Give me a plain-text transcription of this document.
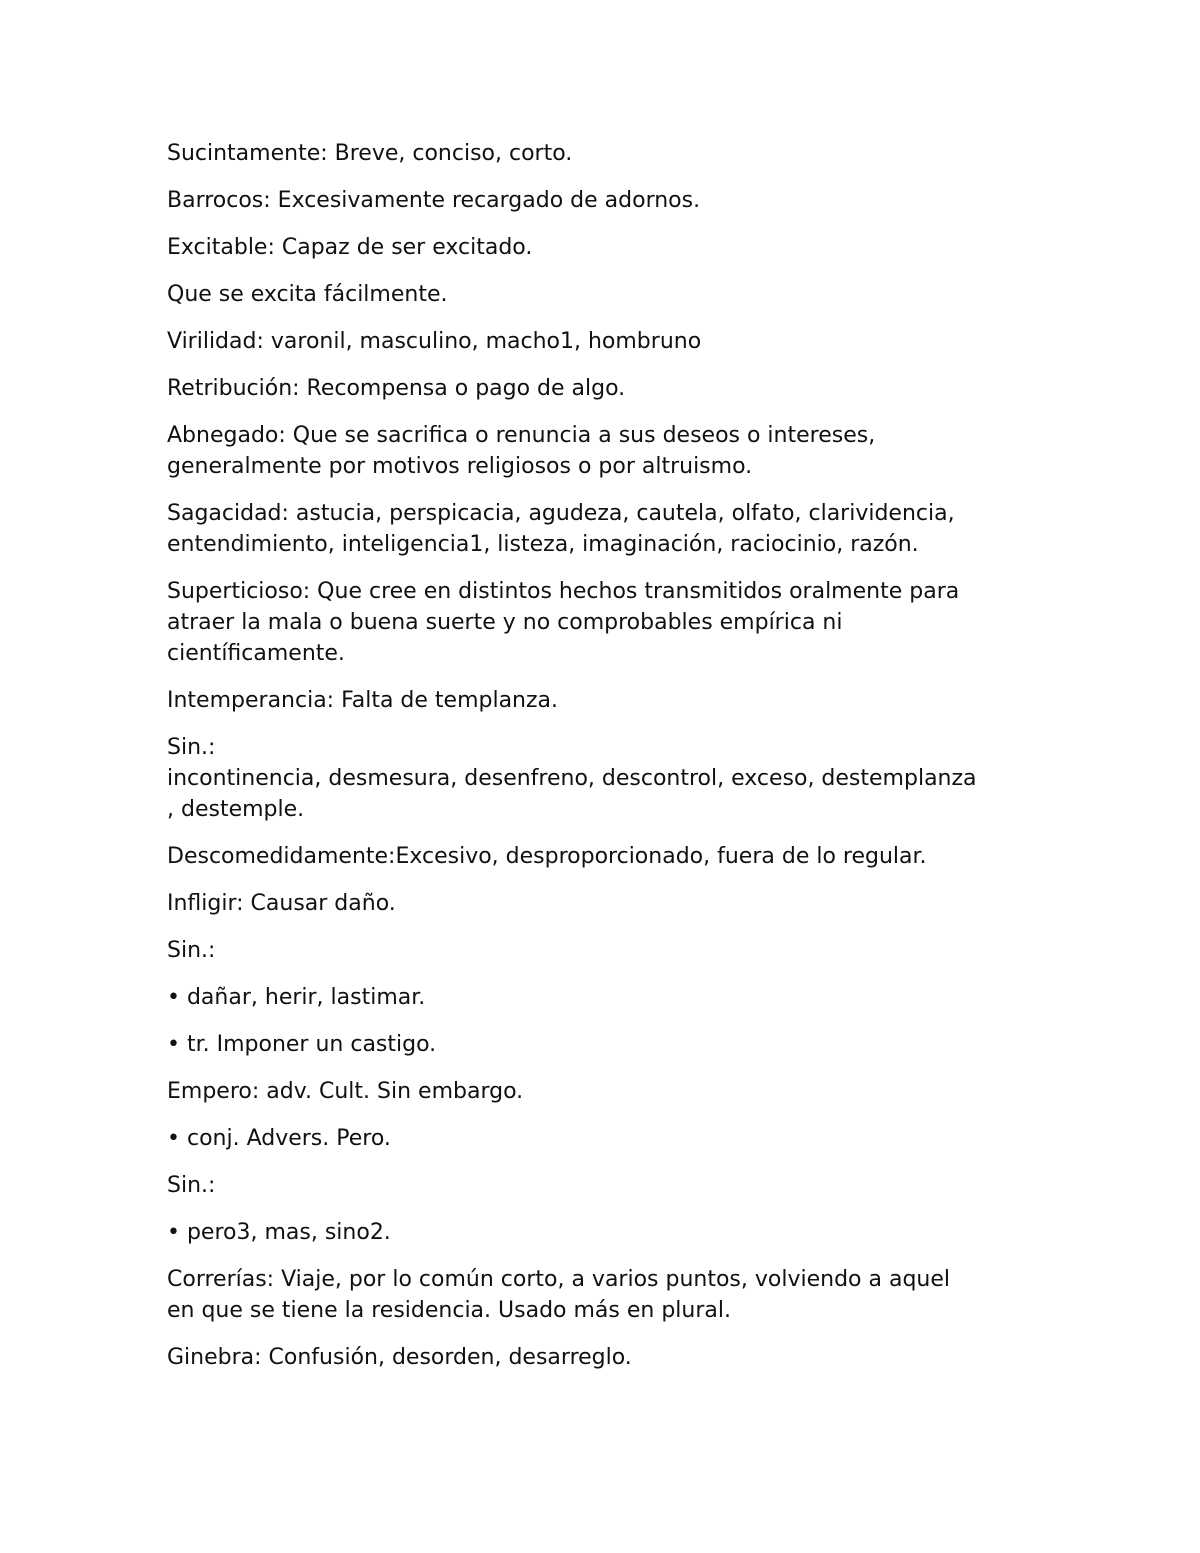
Sucintamente: Breve, conciso, corto.

Barrocos: Excesivamente recargado de adornos.

Excitable: Capaz de ser excitado.

Que se excita fácilmente.

Virilidad: varonil, masculino, macho1, hombruno

Retribución: Recompensa o pago de algo.

Abnegado: Que se sacrifica o renuncia a sus deseos o intereses,
generalmente por motivos religiosos o por altruismo.

Sagacidad: astucia, perspicacia, agudeza, cautela, olfato, clarividencia,
entendimiento, inteligencia1, listeza, imaginación, raciocinio, razón.

Superticioso: Que cree en distintos hechos transmitidos oralmente para
atraer la mala o buena suerte y no comprobables empírica ni
científicamente.

Intemperancia: Falta de templanza.

Sin.:
incontinencia, desmesura, desenfreno, descontrol, exceso, destemplanza
, destemple.

Descomedidamente:Excesivo, desproporcionado, fuera de lo regular.

Infligir: Causar daño.

Sin.:

• dañar, herir, lastimar.

• tr. Imponer un castigo.

Empero: adv. Cult. Sin embargo.

• conj. Advers. Pero.

Sin.:

• pero3, mas, sino2.

Correrías: Viaje, por lo común corto, a varios puntos, volviendo a aquel
en que se tiene la residencia. Usado más en plural.

Ginebra: Confusión, desorden, desarreglo.
